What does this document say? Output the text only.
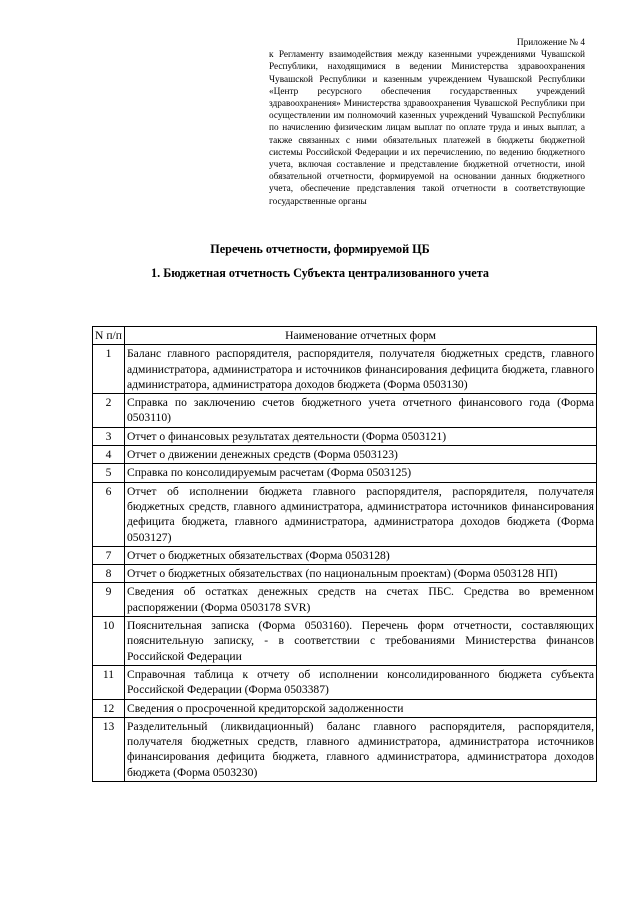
Приложение № 4
к Регламенту взаимодействия между казенными учреждениями Чувашской Республики, находящимися в ведении Министерства здравоохранения Чувашской Республики и казенным учреждением Чувашской Республики «Центр ресурсного обеспечения государственных учреждений здравоохранения» Министерства здравоохранения Чувашской Республики при осуществлении им полномочий казенных учреждений Чувашской Республики по начислению физическим лицам выплат по оплате труда и иных выплат, а также связанных с ними обязательных платежей в бюджеты бюджетной системы Российской Федерации и их перечислению, по ведению бюджетного учета, включая составление и представление бюджетной отчетности, иной обязательной отчетности, формируемой на основании данных бюджетного учета, обеспечение представления такой отчетности в соответствующие государственные органы
Перечень отчетности, формируемой ЦБ
1. Бюджетная отчетность Субъекта централизованного учета
N п/п	Наименование отчетных форм
1	Баланс главного распорядителя, распорядителя, получателя бюджетных средств, главного администратора, администратора и источников финансирования дефицита бюджета, главного администратора, администратора доходов бюджета (Форма 0503130)
2	Справка по заключению счетов бюджетного учета отчетного финансового года (Форма 0503110)
3	Отчет о финансовых результатах деятельности (Форма 0503121)
4	Отчет о движении денежных средств (Форма 0503123)
5	Справка по консолидируемым расчетам (Форма 0503125)
6	Отчет об исполнении бюджета главного распорядителя, распорядителя, получателя бюджетных средств, главного администратора, администратора источников финансирования дефицита бюджета, главного администратора, администратора доходов бюджета (Форма 0503127)
7	Отчет о бюджетных обязательствах (Форма 0503128)
8	Отчет о бюджетных обязательствах (по национальным проектам) (Форма 0503128 НП)
9	Сведения об остатках денежных средств на счетах ПБС. Средства во временном распоряжении (Форма 0503178 SVR)
10	Пояснительная записка (Форма 0503160). Перечень форм отчетности, составляющих пояснительную записку, - в соответствии с требованиями Министерства финансов Российской Федерации
11	Справочная таблица к отчету об исполнении консолидированного бюджета субъекта Российской Федерации (Форма 0503387)
12	Сведения о просроченной кредиторской задолженности
13	Разделительный (ликвидационный) баланс главного распорядителя, распорядителя, получателя бюджетных средств, главного администратора, администратора источников финансирования дефицита бюджета, главного администратора, администратора доходов бюджета (Форма 0503230)
